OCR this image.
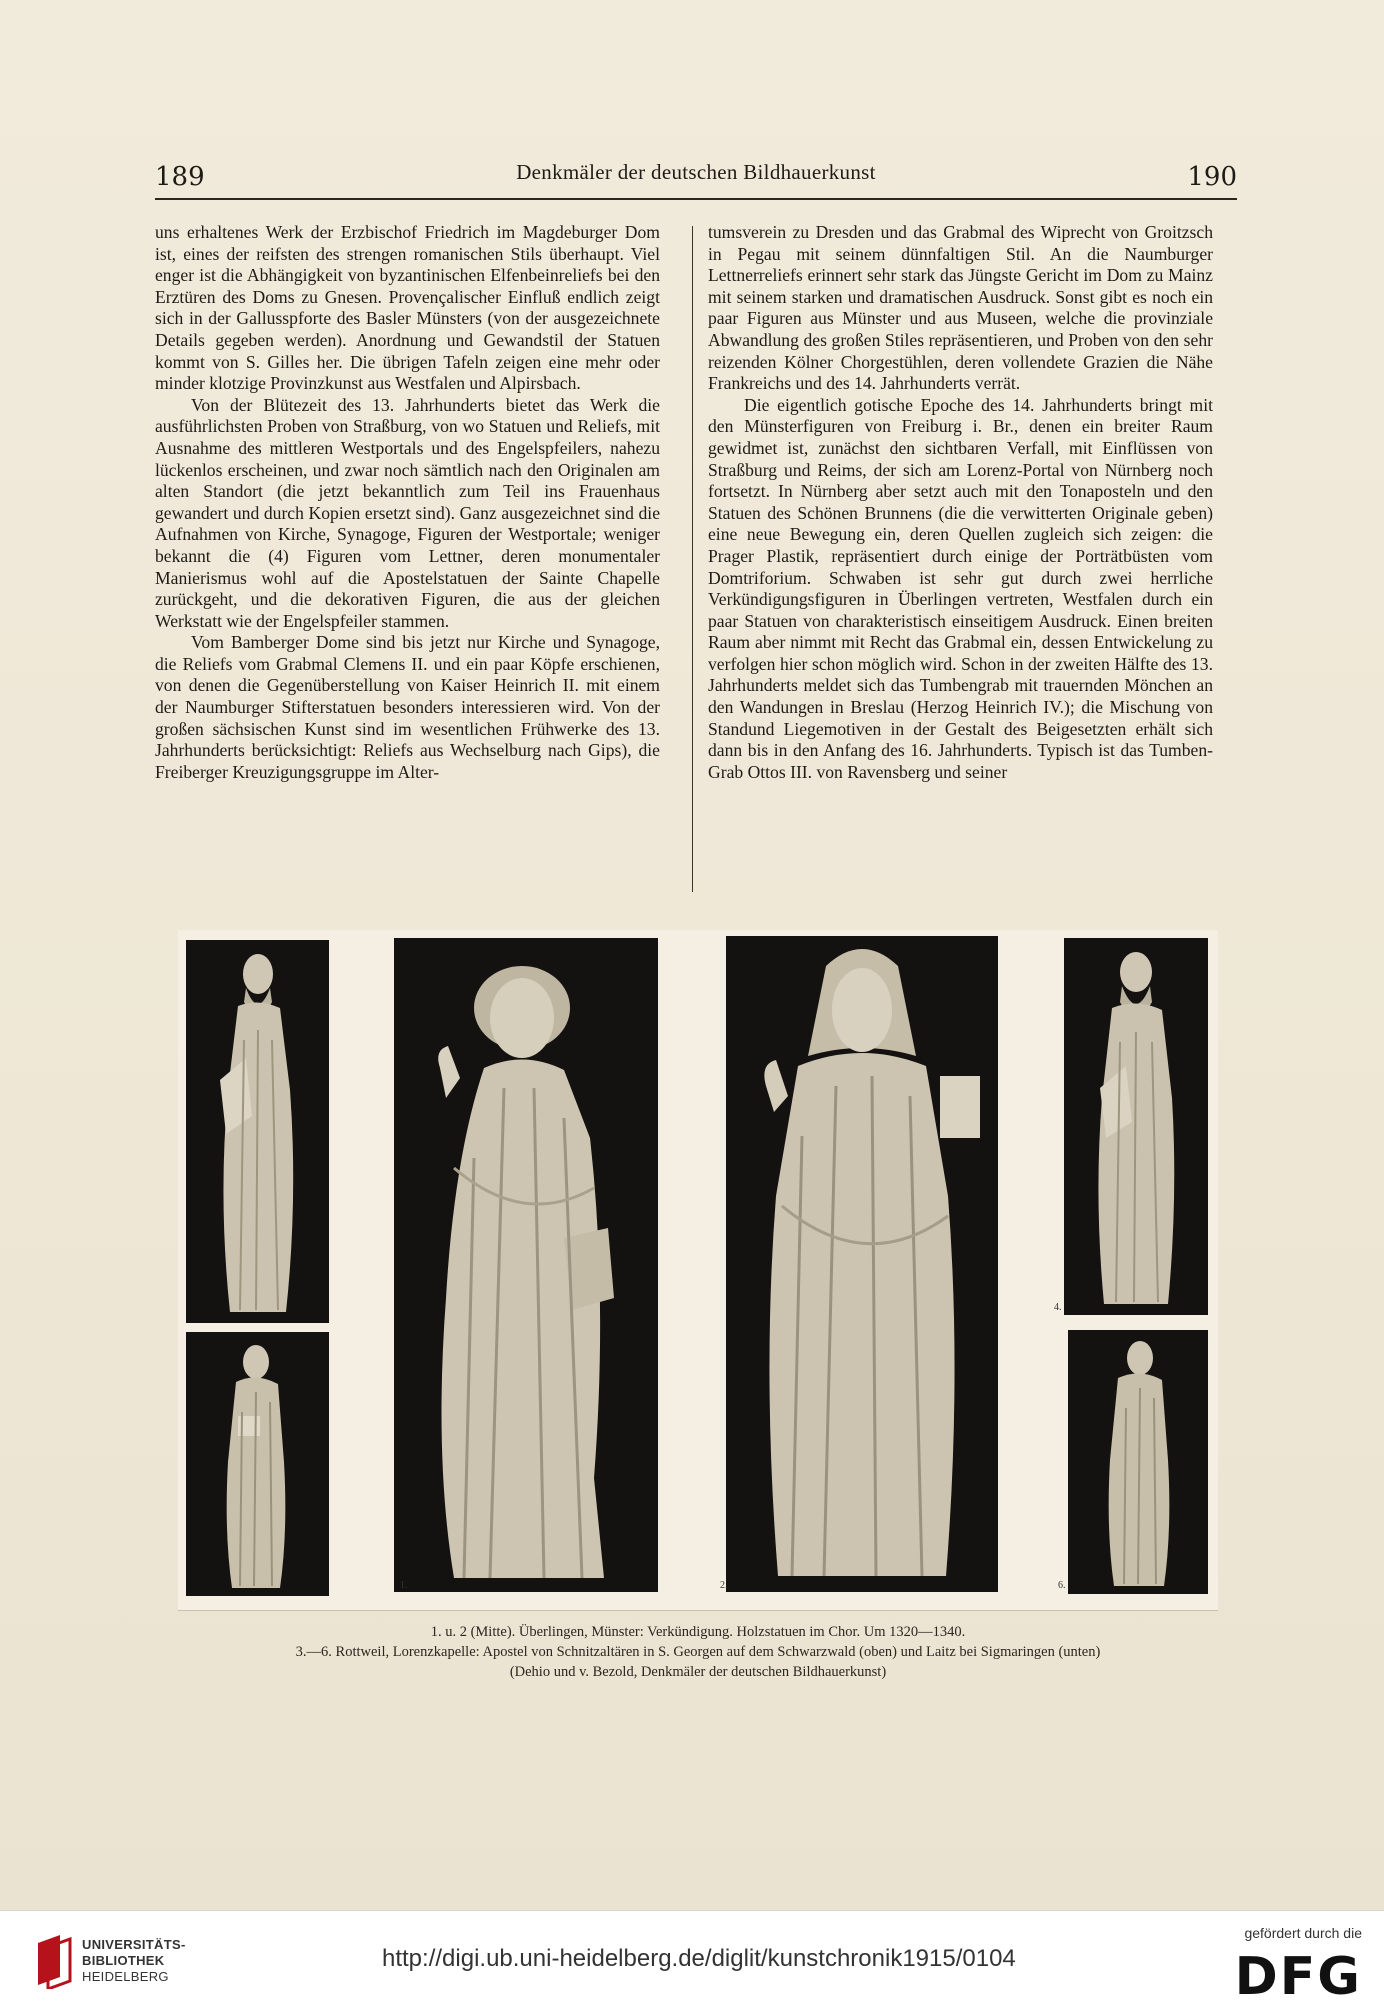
189	Denkmäler der deutschen Bildhauerkunst	190

uns erhaltenes Werk der Erzbischof Friedrich im Magdeburger Dom ist, eines der reifsten des strengen romanischen Stils überhaupt. Viel enger ist die Abhängigkeit von byzantinischen Elfenbeinreliefs bei den Erztüren des Doms zu Gnesen. Provençalischer Einfluß endlich zeigt sich in der Gallusspforte des Basler Münsters (von der ausgezeichnete Details gegeben werden). Anordnung und Gewandstil der Statuen kommt von S. Gilles her. Die übrigen Tafeln zeigen eine mehr oder minder klotzige Provinzkunst aus Westfalen und Alpirsbach.

Von der Blütezeit des 13. Jahrhunderts bietet das Werk die ausführlichsten Proben von Straßburg, von wo Statuen und Reliefs, mit Ausnahme des mittleren Westportals und des Engelspfeilers, nahezu lückenlos erscheinen, und zwar noch sämtlich nach den Originalen am alten Standort (die jetzt bekanntlich zum Teil ins Frauenhaus gewandert und durch Kopien ersetzt sind). Ganz ausgezeichnet sind die Aufnahmen von Kirche, Synagoge, Figuren der Westportale; weniger bekannt die (4) Figuren vom Lettner, deren monumentaler Manierismus wohl auf die Apostelstatuen der Sainte Chapelle zurückgeht, und die dekorativen Figuren, die aus der gleichen Werkstatt wie der Engelspfeiler stammen.

Vom Bamberger Dome sind bis jetzt nur Kirche und Synagoge, die Reliefs vom Grabmal Clemens II. und ein paar Köpfe erschienen, von denen die Gegenüberstellung von Kaiser Heinrich II. mit einem der Naumburger Stifterstatuen besonders interessieren wird. Von der großen sächsischen Kunst sind im wesentlichen Frühwerke des 13. Jahrhunderts berücksichtigt: Reliefs aus Wechselburg nach Gips), die Freiberger Kreuzigungsgruppe im Alter-

tumsverein zu Dresden und das Grabmal des Wiprecht von Groitzsch in Pegau mit seinem dünnfaltigen Stil. An die Naumburger Lettnerreliefs erinnert sehr stark das Jüngste Gericht im Dom zu Mainz mit seinem starken und dramatischen Ausdruck. Sonst gibt es noch ein paar Figuren aus Münster und aus Museen, welche die provinziale Abwandlung des großen Stiles repräsentieren, und Proben von den sehr reizenden Kölner Chorgestühlen, deren vollendete Grazien die Nähe Frankreichs und des 14. Jahrhunderts verrät.

Die eigentlich gotische Epoche des 14. Jahrhunderts bringt mit den Münsterfiguren von Freiburg i. Br., denen ein breiter Raum gewidmet ist, zunächst den sichtbaren Verfall, mit Einflüssen von Straßburg und Reims, der sich am Lorenz-Portal von Nürnberg noch fortsetzt. In Nürnberg aber setzt auch mit den Tonaposteln und den Statuen des Schönen Brunnens (die die verwitterten Originale geben) eine neue Bewegung ein, deren Quellen zugleich sich zeigen: die Prager Plastik, repräsentiert durch einige der Porträtbüsten vom Domtriforium. Schwaben ist sehr gut durch zwei herrliche Verkündigungsfiguren in Überlingen vertreten, Westfalen durch ein paar Statuen von charakteristisch einseitigem Ausdruck. Einen breiten Raum aber nimmt mit Recht das Grabmal ein, dessen Entwickelung zu verfolgen hier schon möglich wird. Schon in der zweiten Hälfte des 13. Jahrhunderts meldet sich das Tumbengrab mit trauernden Mönchen an den Wandungen in Breslau (Herzog Heinrich IV.); die Mischung von Standund Liegemotiven in der Gestalt des Beigesetzten erhält sich dann bis in den Anfang des 16. Jahrhunderts. Typisch ist das Tumben-Grab Ottos III. von Ravensberg und seiner

1.	2.
4.
6.
1. u. 2 (Mitte). Überlingen, Münster: Verkündigung. Holzstatuen im Chor. Um 1320—1340.
3.—6. Rottweil, Lorenzkapelle: Apostel von Schnitzaltären in S. Georgen auf dem Schwarzwald (oben) und Laitz bei Sigmaringen (unten)
(Dehio und v. Bezold, Denkmäler der deutschen Bildhauerkunst)
UNIVERSITÄTS-
BIBLIOTHEK
HEIDELBERG
http://digi.ub.uni-heidelberg.de/diglit/kunstchronik1915/0104
gefördert durch die
DFG
